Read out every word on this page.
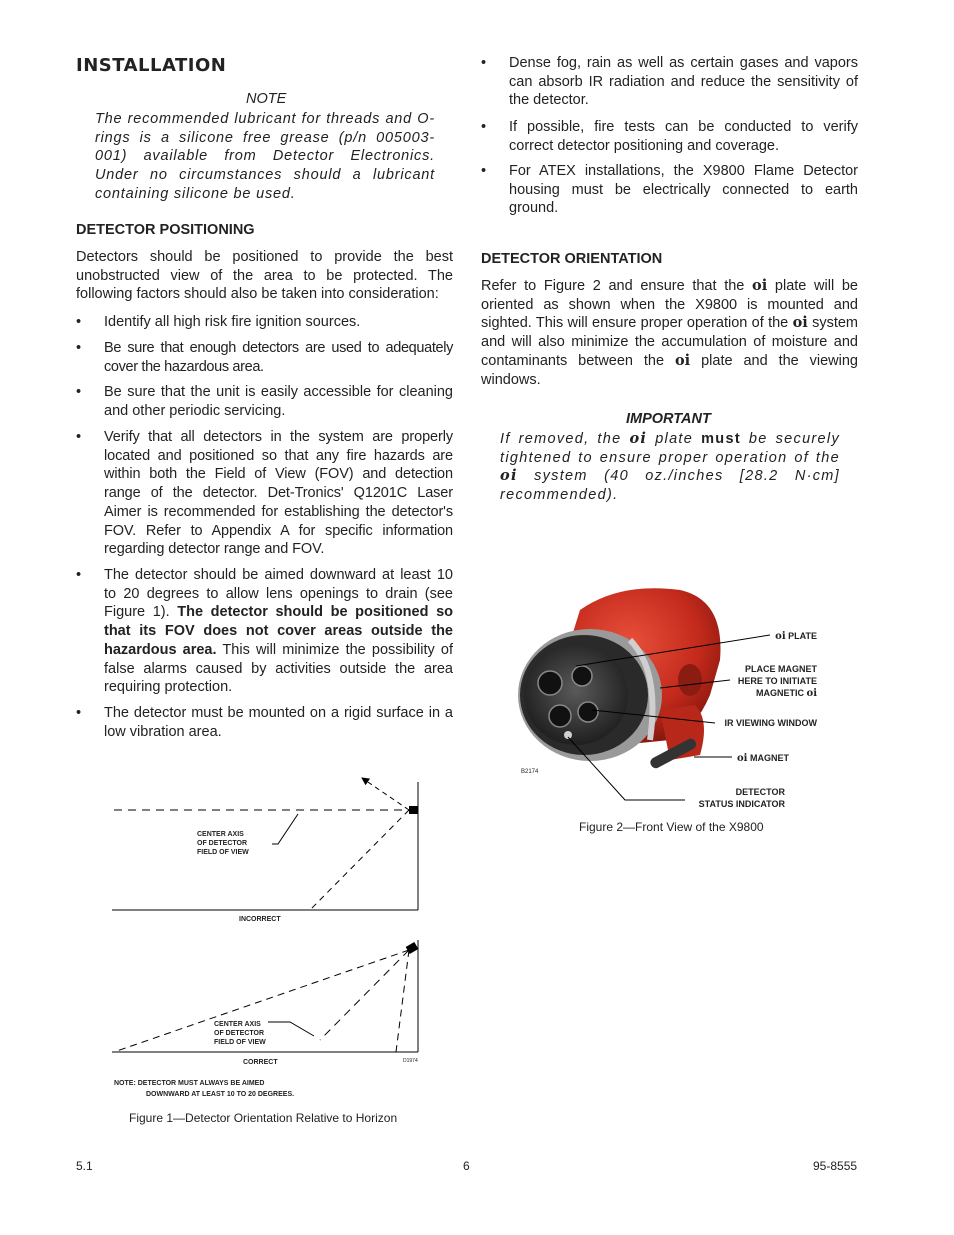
INSTALLATION
NOTE
The recommended lubricant for threads and O-rings is a silicone free grease (p/n 005003-001) available from Detector Electronics. Under no circumstances should a lubricant containing silicone be used.
DETECTOR POSITIONING
Detectors should be positioned to provide the best unobstructed view of the area to be protected. The following factors should also be taken into consideration:
• Identify all high risk fire ignition sources.
• Be sure that enough detectors are used to adequately cover the hazardous area.
• Be sure that the unit is easily accessible for cleaning and other periodic servicing.
• Verify that all detectors in the system are properly located and positioned so that any fire hazards are within both the Field of View (FOV) and detection range of the detector. Det-Tronics' Q1201C Laser Aimer is recommended for establishing the detector's FOV. Refer to Appendix A for specific information regarding detector range and FOV.
• The detector should be aimed downward at least 10 to 20 degrees to allow lens openings to drain (see Figure 1). The detector should be positioned so that its FOV does not cover areas outside the hazardous area. This will minimize the possibility of false alarms caused by activities outside the area requiring protection.
• The detector must be mounted on a rigid surface in a low vibration area.
CENTER AXIS
OF DETECTOR
FIELD OF VIEW
INCORRECT
CENTER AXIS
OF DETECTOR
FIELD OF VIEW
CORRECT	D1974
NOTE: DETECTOR MUST ALWAYS BE AIMED
DOWNWARD AT LEAST 10 TO 20 DEGREES.
Figure 1—Detector Orientation Relative to Horizon
• Dense fog, rain as well as certain gases and vapors can absorb IR radiation and reduce the sensitivity of the detector.
• If possible, fire tests can be conducted to verify correct detector positioning and coverage.
• For ATEX installations, the X9800 Flame Detector housing must be electrically connected to earth ground.
DETECTOR ORIENTATION
Refer to Figure 2 and ensure that the oi plate will be oriented as shown when the X9800 is mounted and sighted. This will ensure proper operation of the oi system and will also minimize the accumulation of moisture and contaminants between the oi plate and the viewing windows.
IMPORTANT
If removed, the oi plate must be securely tightened to ensure proper operation of the oi system (40 oz./inches [28.2 N·cm] recommended).
oi PLATE
PLACE MAGNET
HERE TO INITIATE
MAGNETIC oi
IR VIEWING WINDOW
oi MAGNET
DETECTOR
STATUS INDICATOR
B2174
Figure 2—Front View of the X9800
5.1	6	95-8555
